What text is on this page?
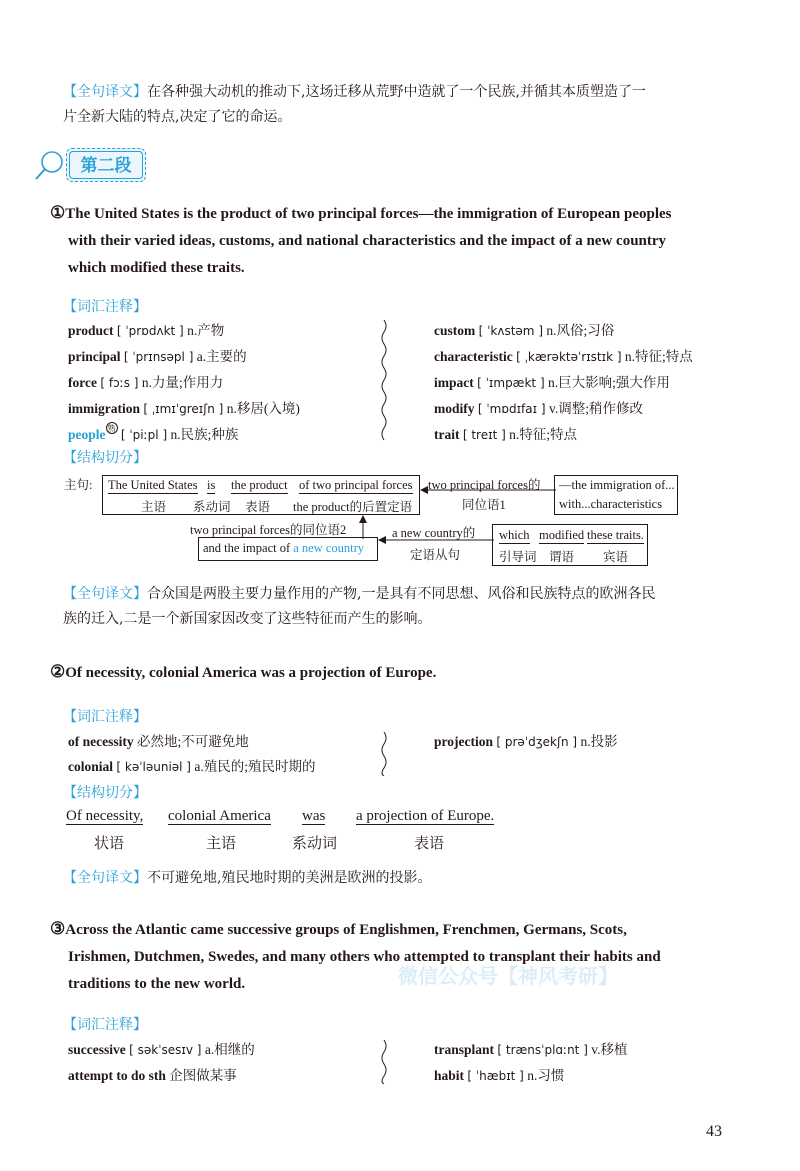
【全句译文】在各种强大动机的推动下,这场迁移从荒野中造就了一个民族,并循其本质塑造了一
片全新大陆的特点,决定了它的命运。
第二段
①The United States is the product of two principal forces—the immigration of European peoples
with their varied ideas, customs, and national characteristics and the impact of a new country
which modified these traits.
【词汇注释】
product [ ˈprɒdʌkt ] n.产物
principal [ ˈprɪnsəpl ] a.主要的
force [ fɔːs ] n.力量;作用力
immigration [ ˌɪmɪˈgreɪʃn ] n.移居(入境)
people $^熟$ [ ˈpiːpl ] n.民族;种族
custom [ ˈkʌstəm ] n.风俗;习俗
characteristic [ ˌkærəktəˈrɪstɪk ] n.特征;特点
impact [ ˈɪmpækt ] n.巨大影响;强大作用
modify [ ˈmɒdɪfaɪ ] v.调整;稍作修改
trait [ treɪt ] n.特征;特点
【结构切分】
主句: The United States is the product of two principal forces
主语 系动词 表语 the product的后置定语
two principal forces的
同位语1
—the immigration of...
with...characteristics
two principal forces的同位语2
and the impact of a new country
a new country的
定语从句
which modified these traits.
引导词 谓语 宾语
【全句译文】合众国是两股主要力量作用的产物,一是具有不同思想、风俗和民族特点的欧洲各民
族的迁入,二是一个新国家因改变了这些特征而产生的影响。
②Of necessity, colonial America was a projection of Europe.
【词汇注释】
of necessity 必然地;不可避免地
colonial [ kəˈləuniəl ] a.殖民的;殖民时期的
projection [ prəˈdʒekʃn ] n.投影
【结构切分】
Of necessity,
状语
colonial America
主语
was
系动词
a projection of Europe.
表语
【全句译文】不可避免地,殖民地时期的美洲是欧洲的投影。
③Across the Atlantic came successive groups of Englishmen, Frenchmen, Germans, Scots,
Irishmen, Dutchmen, Swedes, and many others who attempted to transplant their habits and
traditions to the new world.	微信公众号【神风考研】
【词汇注释】
successive [ səkˈsesɪv ] a.相继的
attempt to do sth 企图做某事
transplant [ trænsˈplɑːnt ] v.移植
habit [ ˈhæbɪt ] n.习惯
43
